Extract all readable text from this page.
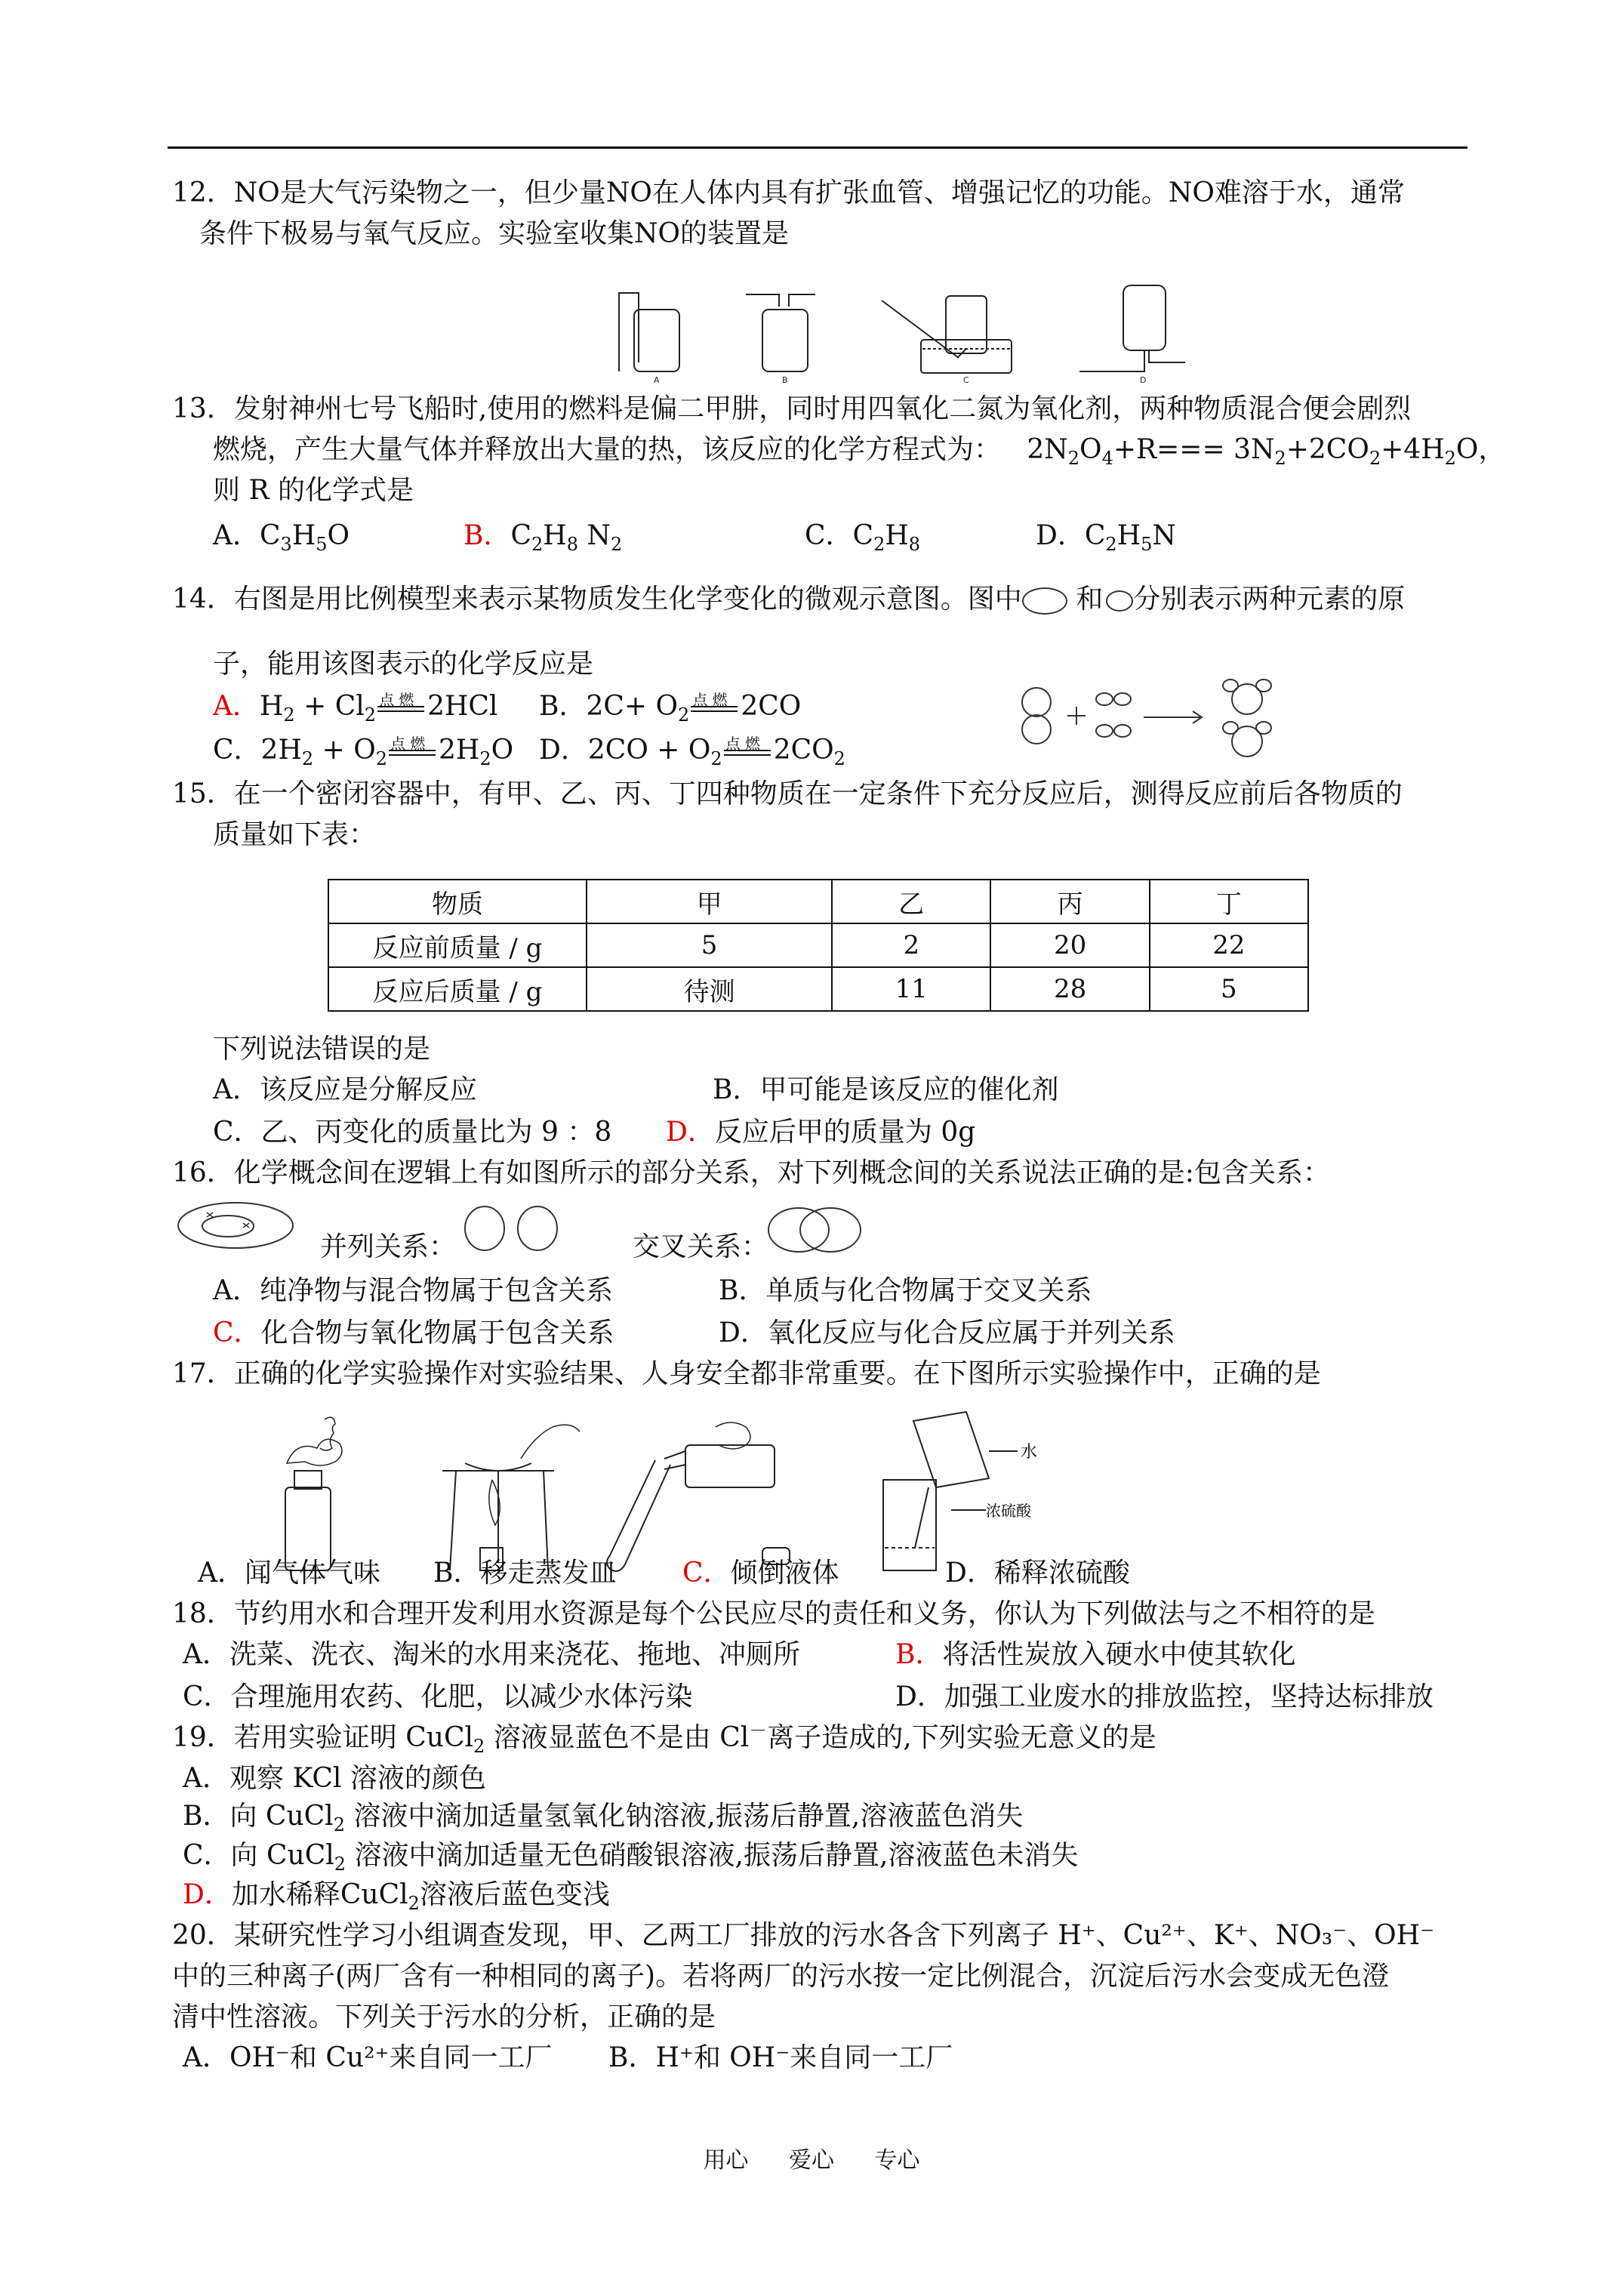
12．NO是大气污染物之一，但少量NO在人体内具有扩张血管、增强记忆的功能。NO难溶于水，通常
条件下极易与氧气反应。实验室收集NO的装置是
A	B	C	D
13．发射神州七号飞船时,使用的燃料是偏二甲肼，同时用四氧化二氮为氧化剂，两种物质混合便会剧烈
燃烧，产生大量气体并释放出大量的热，该反应的化学方程式为： $2N_2O_4+R=== 3N_2+2CO_2+4H_2O$，
则 R 的化学式是
A．$C_3H_5O$	B．$C_2H_8$ $N_2$	C．$C_2H_8$	D．$C_2H_5N$
14．右图是用比例模型来表示某物质发生化学变化的微观示意图。图中 和 分别表示两种元素的原
子，能用该图表示的化学反应是
A．$H_2 + Cl_2$
点 燃 2HCl B．$2C+ O_2$
点 燃 2CO
C．$2H_2 + O_2$
点 燃 $2H_2O$ D．$2CO + O_2$
点 燃 $2CO_2$
15．在一个密闭容器中，有甲、乙、丙、丁四种物质在一定条件下充分反应后，测得反应前后各物质的
质量如下表：
物质	甲	乙	丙	丁
反应前质量 / g	5	2	20	22
反应后质量 / g	待测	11	28	5
下列说法错误的是
A．该反应是分解反应	B．甲可能是该反应的催化剂
C．乙、丙变化的质量比为 9 ：8 D．反应后甲的质量为 0g
16．化学概念间在逻辑上有如图所示的部分关系，对下列概念间的关系说法正确的是:包含关系：
并列关系：	交叉关系：
A．纯净物与混合物属于包含关系	B．单质与化合物属于交叉关系
C．化合物与氧化物属于包含关系	D．氧化反应与化合反应属于并列关系
17．正确的化学实验操作对实验结果、人身安全都非常重要。在下图所示实验操作中，正确的是
水
浓硫酸
A．闻气体气味 B．移走蒸发皿 C．倾倒液体	D．稀释浓硫酸
18．节约用水和合理开发利用水资源是每个公民应尽的责任和义务，你认为下列做法与之不相符的是
A．洗菜、洗衣、淘米的水用来浇花、拖地、冲厕所	B．将活性炭放入硬水中使其软化
C．合理施用农药、化肥，以减少水体污染	D．加强工业废水的排放监控，坚持达标排放
19．若用实验证明 CuCl$_2$ 溶液显蓝色不是由 Cl－离子造成的,下列实验无意义的是
A．观察 KCl 溶液的颜色
B．向 CuCl$_2$ 溶液中滴加适量氢氧化钠溶液,振荡后静置,溶液蓝色消失
C．向 CuCl$_2$ 溶液中滴加适量无色硝酸银溶液,振荡后静置,溶液蓝色未消失
D．加水稀释CuCl$_2$溶液后蓝色变浅
20．某研究性学习小组调查发现，甲、乙两工厂排放的污水各含下列离子 H⁺、Cu²⁺、K⁺、NO₃⁻、OH⁻
中的三种离子(两厂含有一种相同的离子)。若将两厂的污水按一定比例混合，沉淀后污水会变成无色澄
清中性溶液。下列关于污水的分析，正确的是
A．OH⁻和 Cu²⁺来自同一工厂 B．H⁺和 OH⁻来自同一工厂
用心 爱心 专心
